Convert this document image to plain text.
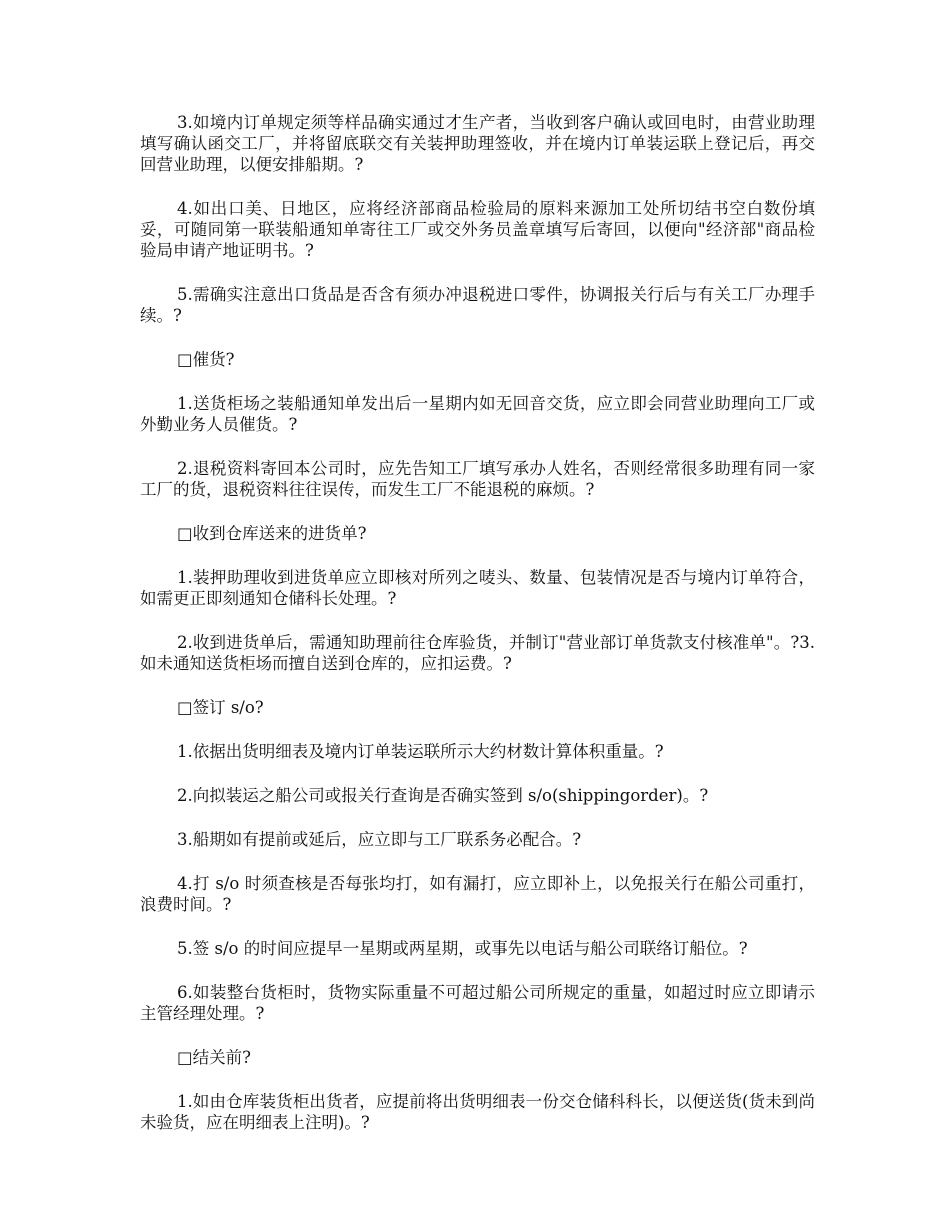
3.如境内订单规定须等样品确实通过才生产者，当收到客户确认或回电时，由营业助理填写确认函交工厂，并将留底联交有关装押助理签收，并在境内订单装运联上登记后，再交回营业助理，以便安排船期。?

4.如出口美、日地区，应将经济部商品检验局的原料来源加工处所切结书空白数份填妥，可随同第一联装船通知单寄往工厂或交外务员盖章填写后寄回，以便向"经济部"商品检验局申请产地证明书。?

5.需确实注意出口货品是否含有须办冲退税进口零件，协调报关行后与有关工厂办理手续。?

□催货?

1.送货柜场之装船通知单发出后一星期内如无回音交货，应立即会同营业助理向工厂或外勤业务人员催货。?

2.退税资料寄回本公司时，应先告知工厂填写承办人姓名，否则经常很多助理有同一家工厂的货，退税资料往往误传，而发生工厂不能退税的麻烦。?

□收到仓库送来的进货单?

1.装押助理收到进货单应立即核对所列之唛头、数量、包装情况是否与境内订单符合，如需更正即刻通知仓储科长处理。?

2.收到进货单后，需通知助理前往仓库验货，并制订"营业部订单货款支付核准单"。?3.如未通知送货柜场而擅自送到仓库的，应扣运费。?

□签订 s/o?

1.依据出货明细表及境内订单装运联所示大约材数计算体积重量。?

2.向拟装运之船公司或报关行查询是否确实签到 s/o(shippingorder)。?

3.船期如有提前或延后，应立即与工厂联系务必配合。?

4.打 s/o 时须查核是否每张均打，如有漏打，应立即补上，以免报关行在船公司重打，浪费时间。?

5.签 s/o 的时间应提早一星期或两星期，或事先以电话与船公司联络订船位。?

6.如装整台货柜时，货物实际重量不可超过船公司所规定的重量，如超过时应立即请示主管经理处理。?

□结关前?

1.如由仓库装货柜出货者，应提前将出货明细表一份交仓储科科长，以便送货(货未到尚未验货，应在明细表上注明)。?
